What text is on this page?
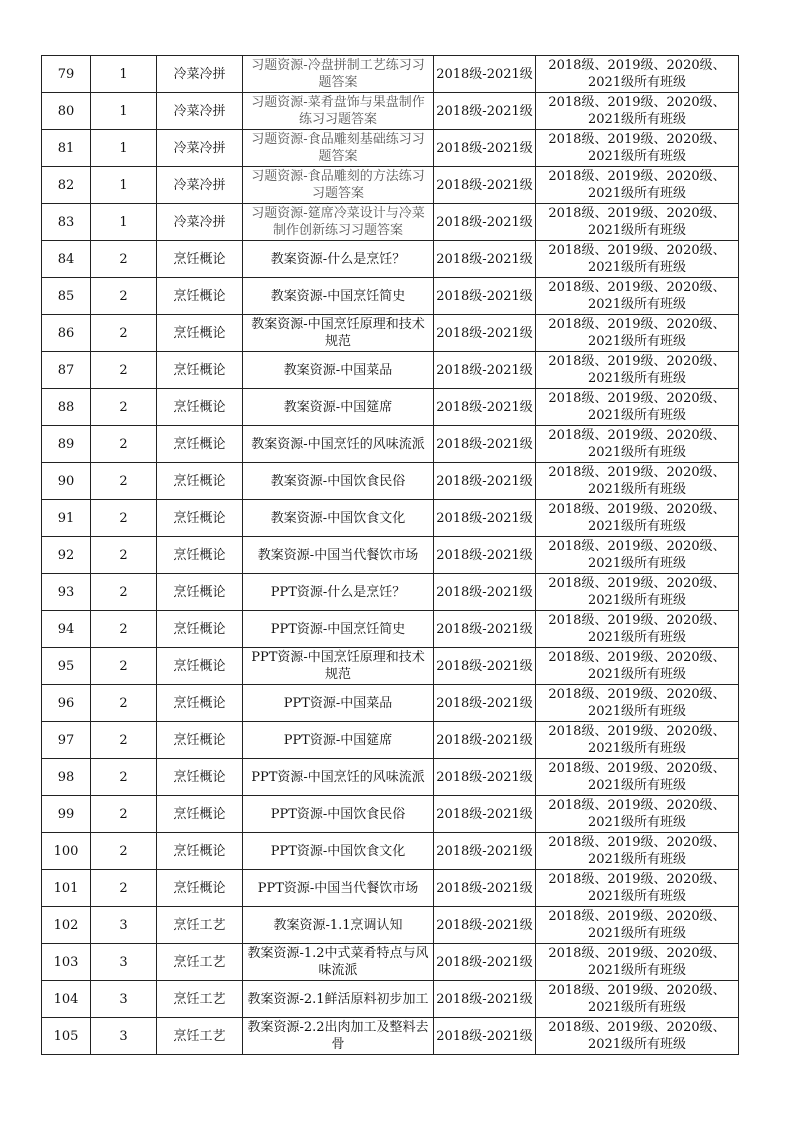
79	1	冷菜冷拼	习题资源-冷盘拼制工艺练习习题答案	2018级-2021级	2018级、2019级、2020级、2021级所有班级
80	1	冷菜冷拼	习题资源-菜肴盘饰与果盘制作练习习题答案	2018级-2021级	2018级、2019级、2020级、2021级所有班级
81	1	冷菜冷拼	习题资源-食品雕刻基础练习习题答案	2018级-2021级	2018级、2019级、2020级、2021级所有班级
82	1	冷菜冷拼	习题资源-食品雕刻的方法练习习题答案	2018级-2021级	2018级、2019级、2020级、2021级所有班级
83	1	冷菜冷拼	习题资源-筵席冷菜设计与冷菜制作创新练习习题答案	2018级-2021级	2018级、2019级、2020级、2021级所有班级
84	2	烹饪概论	教案资源-什么是烹饪？	2018级-2021级	2018级、2019级、2020级、2021级所有班级
85	2	烹饪概论	教案资源-中国烹饪简史	2018级-2021级	2018级、2019级、2020级、2021级所有班级
86	2	烹饪概论	教案资源-中国烹饪原理和技术规范	2018级-2021级	2018级、2019级、2020级、2021级所有班级
87	2	烹饪概论	教案资源-中国菜品	2018级-2021级	2018级、2019级、2020级、2021级所有班级
88	2	烹饪概论	教案资源-中国筵席	2018级-2021级	2018级、2019级、2020级、2021级所有班级
89	2	烹饪概论	教案资源-中国烹饪的风味流派	2018级-2021级	2018级、2019级、2020级、2021级所有班级
90	2	烹饪概论	教案资源-中国饮食民俗	2018级-2021级	2018级、2019级、2020级、2021级所有班级
91	2	烹饪概论	教案资源-中国饮食文化	2018级-2021级	2018级、2019级、2020级、2021级所有班级
92	2	烹饪概论	教案资源-中国当代餐饮市场	2018级-2021级	2018级、2019级、2020级、2021级所有班级
93	2	烹饪概论	PPT资源-什么是烹饪？	2018级-2021级	2018级、2019级、2020级、2021级所有班级
94	2	烹饪概论	PPT资源-中国烹饪简史	2018级-2021级	2018级、2019级、2020级、2021级所有班级
95	2	烹饪概论	PPT资源-中国烹饪原理和技术规范	2018级-2021级	2018级、2019级、2020级、2021级所有班级
96	2	烹饪概论	PPT资源-中国菜品	2018级-2021级	2018级、2019级、2020级、2021级所有班级
97	2	烹饪概论	PPT资源-中国筵席	2018级-2021级	2018级、2019级、2020级、2021级所有班级
98	2	烹饪概论	PPT资源-中国烹饪的风味流派	2018级-2021级	2018级、2019级、2020级、2021级所有班级
99	2	烹饪概论	PPT资源-中国饮食民俗	2018级-2021级	2018级、2019级、2020级、2021级所有班级
100	2	烹饪概论	PPT资源-中国饮食文化	2018级-2021级	2018级、2019级、2020级、2021级所有班级
101	2	烹饪概论	PPT资源-中国当代餐饮市场	2018级-2021级	2018级、2019级、2020级、2021级所有班级
102	3	烹饪工艺	教案资源-1.1烹调认知	2018级-2021级	2018级、2019级、2020级、2021级所有班级
103	3	烹饪工艺	教案资源-1.2中式菜肴特点与风味流派	2018级-2021级	2018级、2019级、2020级、2021级所有班级
104	3	烹饪工艺	教案资源-2.1鲜活原料初步加工	2018级-2021级	2018级、2019级、2020级、2021级所有班级
105	3	烹饪工艺	教案资源-2.2出肉加工及整料去骨	2018级-2021级	2018级、2019级、2020级、2021级所有班级
